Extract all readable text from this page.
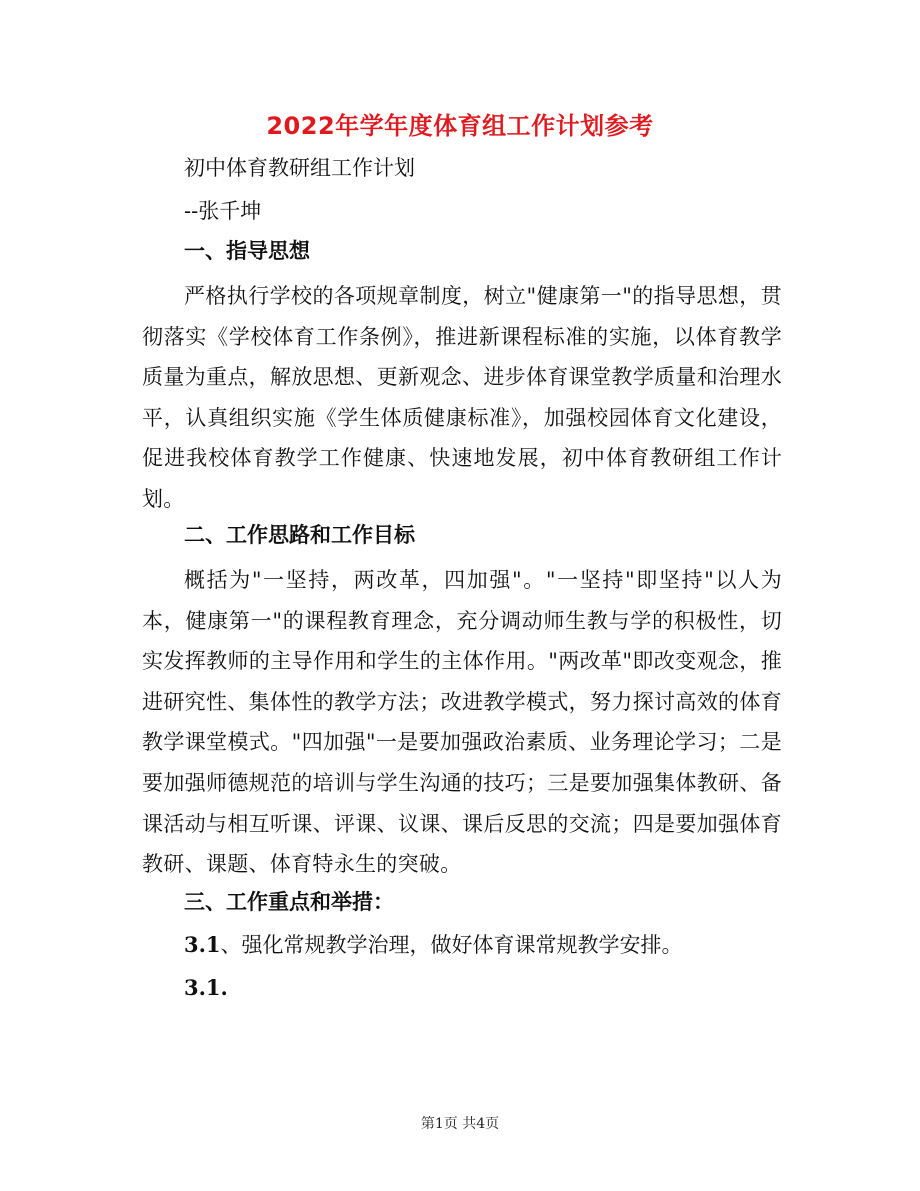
2022年学年度体育组工作计划参考
初中体育教研组工作计划
--张千坤
一、指导思想
严格执行学校的各项规章制度，树立"健康第一"的指导思想，贯彻落实《学校体育工作条例》，推进新课程标准的实施，以体育教学质量为重点，解放思想、更新观念、进步体育课堂教学质量和治理水平，认真组织实施《学生体质健康标准》，加强校园体育文化建设，促进我校体育教学工作健康、快速地发展，初中体育教研组工作计划。
二、工作思路和工作目标
概括为"一坚持，两改革，四加强"。"一坚持"即坚持"以人为本，健康第一"的课程教育理念，充分调动师生教与学的积极性，切实发挥教师的主导作用和学生的主体作用。"两改革"即改变观念，推进研究性、集体性的教学方法；改进教学模式，努力探讨高效的体育教学课堂模式。"四加强"一是要加强政治素质、业务理论学习；二是要加强师德规范的培训与学生沟通的技巧；三是要加强集体教研、备课活动与相互听课、评课、议课、课后反思的交流；四是要加强体育教研、课题、体育特永生的突破。
三、工作重点和举措：
3.1、强化常规教学治理，做好体育课常规教学安排。
3.1.
第1页 共4页
